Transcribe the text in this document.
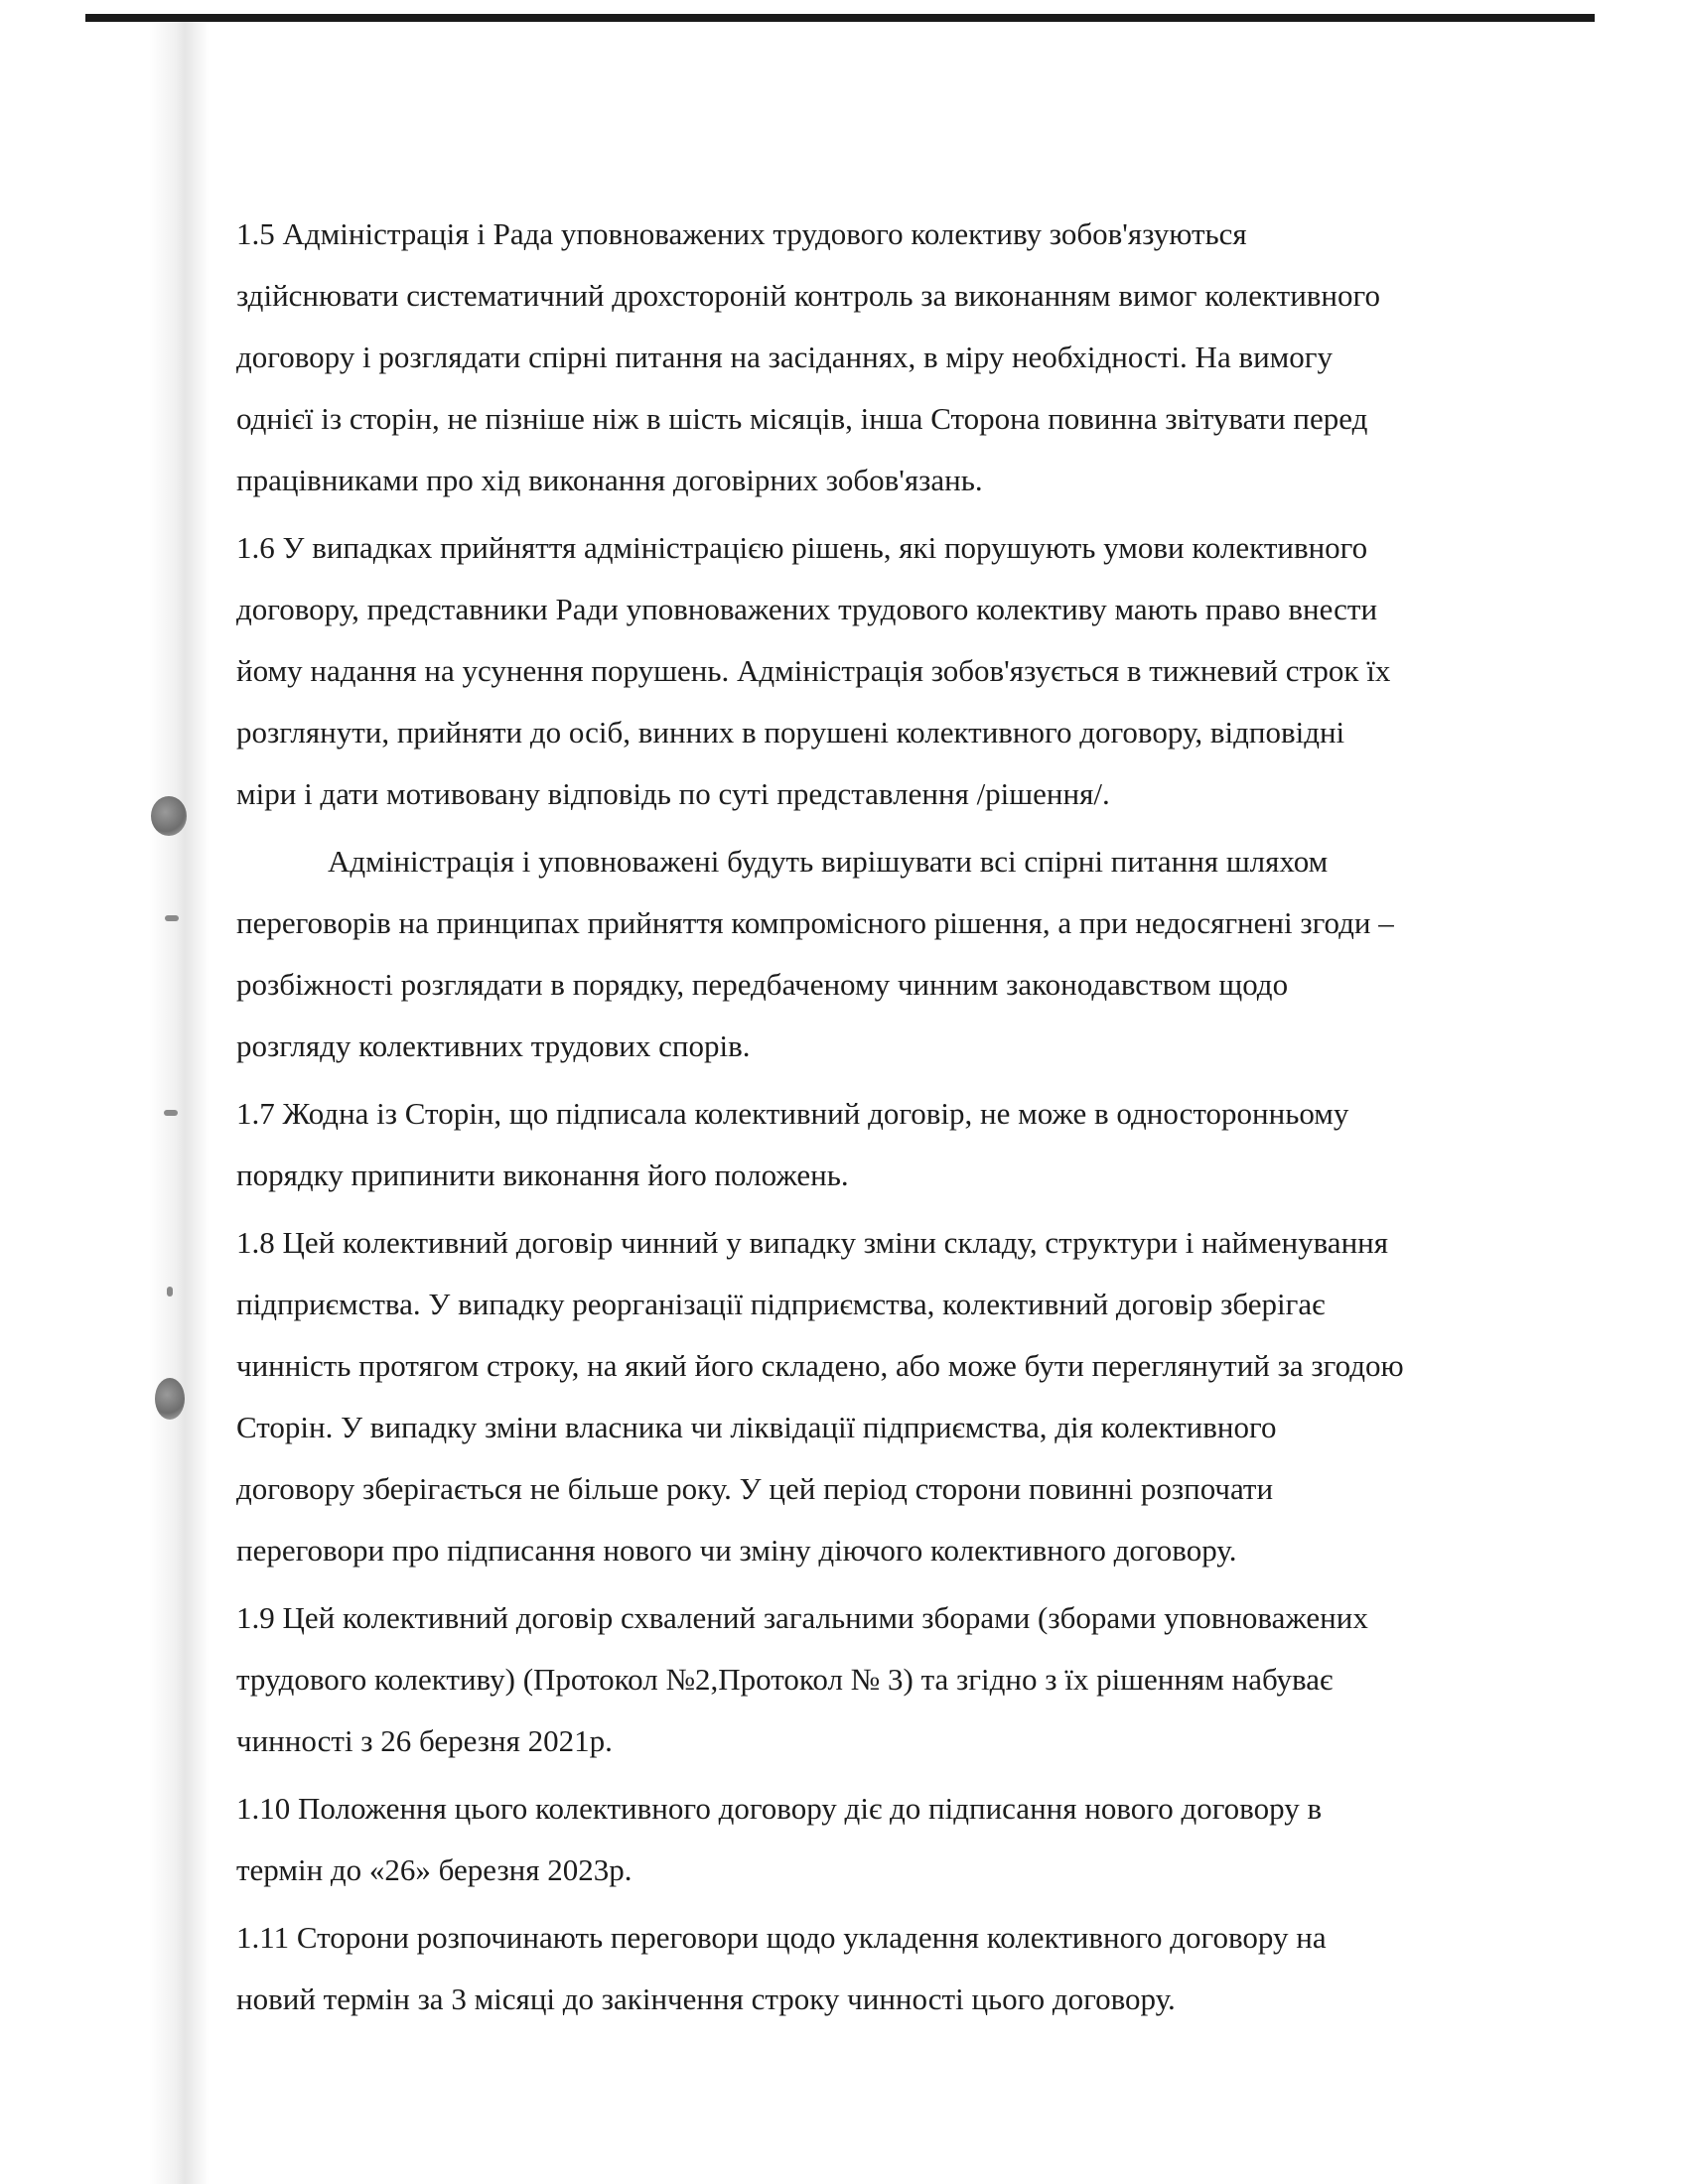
1.5 Адміністрація і Рада уповноважених трудового колективу зобов'язуються
здійснювати систематичний дрохстороній контроль за виконанням вимог колективного
договору і розглядати спірні питання на засіданнях, в міру необхідності. На вимогу
однієї із сторін, не пізніше ніж в шість місяців, інша Сторона повинна звітувати перед
працівниками про хід виконання договірних зобов'язань.

1.6 У випадках прийняття адміністрацією рішень, які порушують умови колективного
договору, представники Ради уповноважених трудового колективу мають право внести
йому надання на усунення порушень. Адміністрація зобов'язується в тижневий строк їх
розглянути, прийняти до осіб, винних в порушені колективного договору, відповідні
міри і дати мотивовану відповідь по суті представлення /рішення/.

Адміністрація і уповноважені будуть вирішувати всі спірні питання шляхом
переговорів на принципах прийняття компромісного рішення, а при недосягнені згоди –
розбіжності розглядати в порядку, передбаченому чинним законодавством щодо
розгляду колективних трудових спорів.

1.7 Жодна із Сторін, що підписала колективний договір, не може в односторонньому
порядку припинити виконання його положень.

1.8 Цей колективний договір чинний у випадку зміни складу, структури і найменування
підприємства. У випадку реорганізації підприємства, колективний договір зберігає
чинність протягом строку, на який його складено, або може бути переглянутий за згодою
Сторін. У випадку зміни власника чи ліквідації підприємства, дія колективного
договору зберігається не більше року. У цей період сторони повинні розпочати
переговори про підписання нового чи зміну діючого колективного договору.

1.9 Цей колективний договір схвалений загальними зборами (зборами уповноважених
трудового колективу) (Протокол №2,Протокол № 3) та згідно з їх рішенням набуває
чинності з 26 березня 2021р.

1.10 Положення цього колективного договору діє до підписання нового договору в
термін до «26» березня 2023р.

1.11 Сторони розпочинають переговори щодо укладення колективного договору на
новий термін за 3 місяці до закінчення строку чинності цього договору.
